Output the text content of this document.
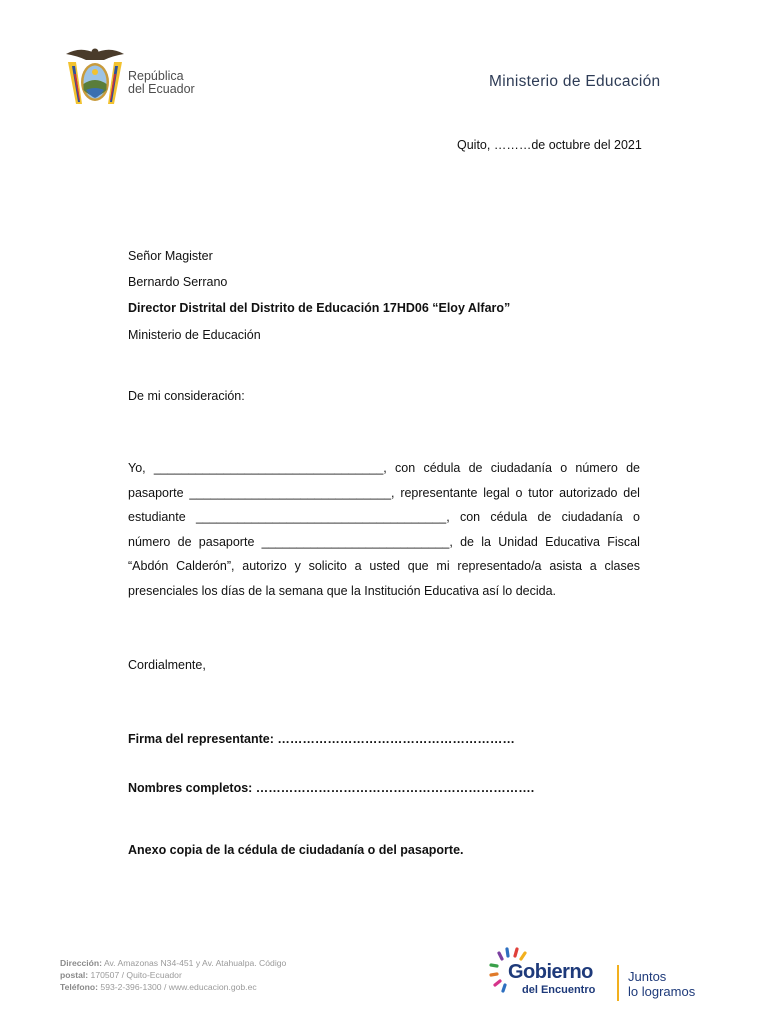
República
del Ecuador	Ministerio de Educación
Quito, ………de octubre del 2021
Señor Magister
Bernardo Serrano
Director Distrital del Distrito de Educación 17HD06 “Eloy Alfaro”
Ministerio de Educación
De mi consideración:
Yo, _________________________________, con cédula de ciudadanía o número de
pasaporte _____________________________, representante legal o tutor autorizado del
estudiante ____________________________________, con cédula de ciudadanía o
número de pasaporte ___________________________, de la Unidad Educativa Fiscal
“Abdón Calderón”, autorizo y solicito a usted que mi representado/a asista a clases
presenciales los días de la semana que la Institución Educativa así lo decida.
Cordialmente,
Firma del representante: …………………………………………………
Nombres completos: ………………………………………………………….
Anexo copia de la cédula de ciudadanía o del pasaporte.
Dirección: Av. Amazonas N34-451 y Av. Atahualpa. Código
postal: 170507 / Quito-Ecuador
Teléfono: 593-2-396-1300 / www.educacion.gob.ec
Gobierno
del Encuentro
Juntos
lo logramos
